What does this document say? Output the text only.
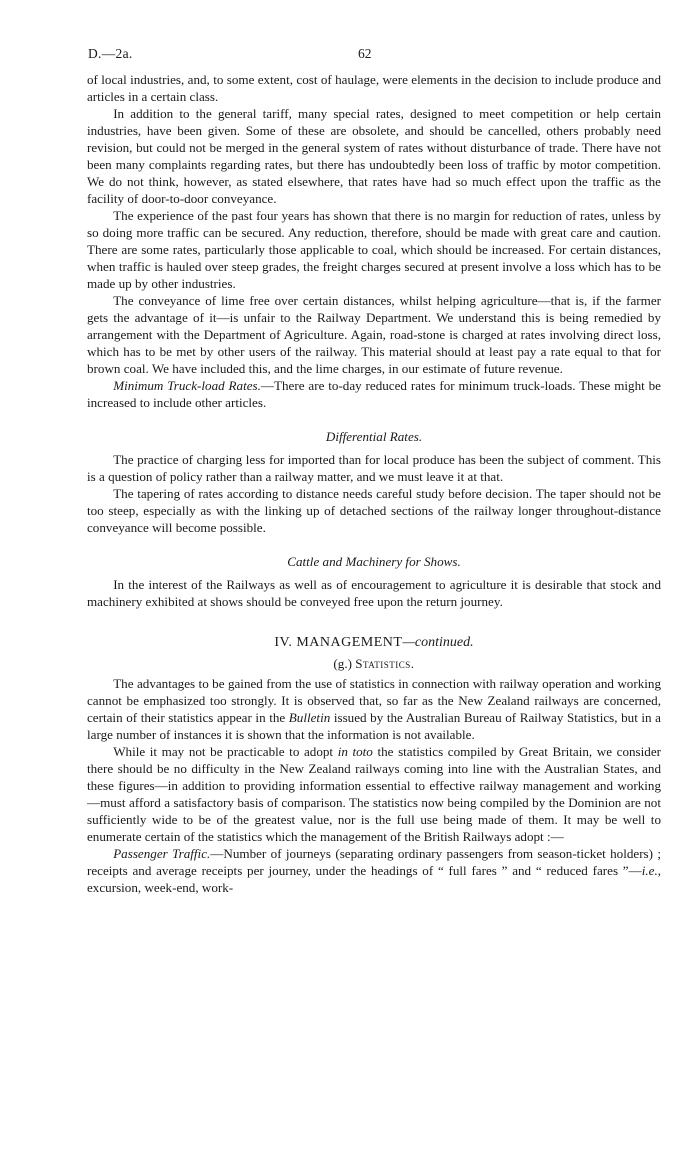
D.—2a.	62

of local industries, and, to some extent, cost of haulage, were elements in the decision to include produce and articles in a certain class.

In addition to the general tariff, many special rates, designed to meet competition or help certain industries, have been given. Some of these are obsolete, and should be cancelled, others probably need revision, but could not be merged in the general system of rates without disturbance of trade. There have not been many complaints regarding rates, but there has undoubtedly been loss of traffic by motor competition. We do not think, however, as stated elsewhere, that rates have had so much effect upon the traffic as the facility of door-to-door conveyance.

The experience of the past four years has shown that there is no margin for reduction of rates, unless by so doing more traffic can be secured. Any reduction, therefore, should be made with great care and caution. There are some rates, particularly those applicable to coal, which should be increased. For certain distances, when traffic is hauled over steep grades, the freight charges secured at present involve a loss which has to be made up by other industries.

The conveyance of lime free over certain distances, whilst helping agriculture—that is, if the farmer gets the advantage of it—is unfair to the Railway Department. We understand this is being remedied by arrangement with the Department of Agriculture. Again, road-stone is charged at rates involving direct loss, which has to be met by other users of the railway. This material should at least pay a rate equal to that for brown coal. We have included this, and the lime charges, in our estimate of future revenue.

Minimum Truck-load Rates.—There are to-day reduced rates for minimum truck-loads. These might be increased to include other articles.

Differential Rates.

The practice of charging less for imported than for local produce has been the subject of comment. This is a question of policy rather than a railway matter, and we must leave it at that.

The tapering of rates according to distance needs careful study before decision. The taper should not be too steep, especially as with the linking up of detached sections of the railway longer throughout-distance conveyance will become possible.

Cattle and Machinery for Shows.

In the interest of the Railways as well as of encouragement to agriculture it is desirable that stock and machinery exhibited at shows should be conveyed free upon the return journey.

IV. MANAGEMENT—continued.
(g.) Statistics.

The advantages to be gained from the use of statistics in connection with railway operation and working cannot be emphasized too strongly. It is observed that, so far as the New Zealand railways are concerned, certain of their statistics appear in the Bulletin issued by the Australian Bureau of Railway Statistics, but in a large number of instances it is shown that the information is not available.

While it may not be practicable to adopt in toto the statistics compiled by Great Britain, we consider there should be no difficulty in the New Zealand railways coming into line with the Australian States, and these figures—in addition to providing information essential to effective railway management and working—must afford a satisfactory basis of comparison. The statistics now being compiled by the Dominion are not sufficiently wide to be of the greatest value, nor is the full use being made of them. It may be well to enumerate certain of the statistics which the management of the British Railways adopt :—

Passenger Traffic.—Number of journeys (separating ordinary passengers from season-ticket holders) ; receipts and average receipts per journey, under the headings of “ full fares ” and “ reduced fares ”—i.e., excursion, week-end, work-
